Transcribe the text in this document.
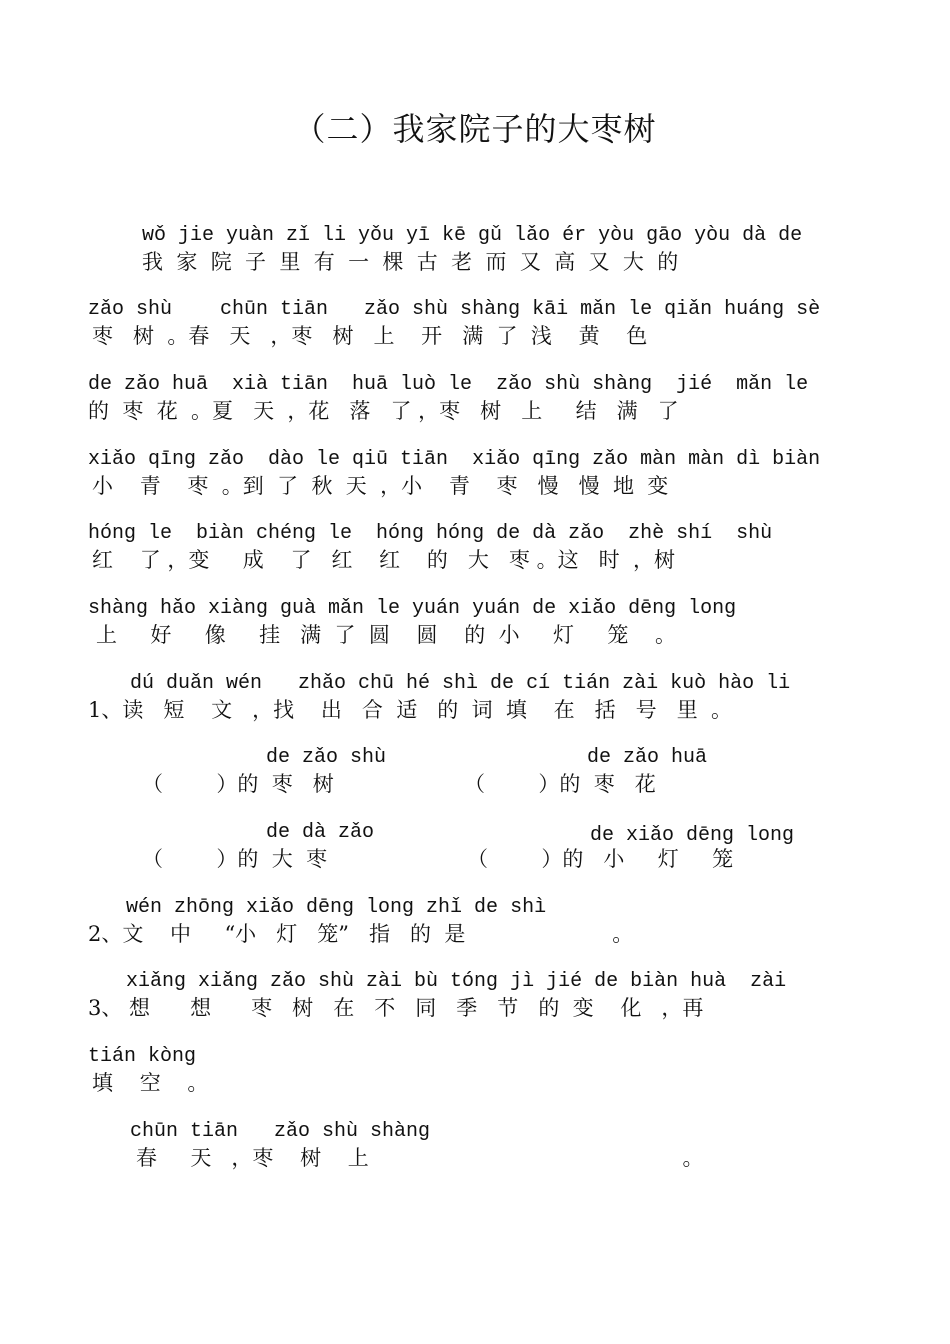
（二）我家院子的大枣树
wǒ jie yuàn zǐ li yǒu yī kē gǔ lǎo ér yòu gāo yòu dà de
我  家  院  子  里  有  一  棵  古  老  而  又  高  又  大  的
zǎo shù    chūn tiān   zǎo shù shàng kāi mǎn le qiǎn huáng sè
枣   树  。春   天   ，枣   树   上    开   满  了  浅    黄    色
de zǎo huā  xià tiān  huā luò le  zǎo shù shàng  jié  mǎn le
的  枣  花  。夏   天  ，花   落   了 ，枣   树   上     结   满   了
xiǎo qīng zǎo  dào le qiū tiān  xiǎo qīng zǎo màn màn dì biàn
小    青    枣  。到  了  秋  天  ，小    青    枣   慢   慢  地  变
hóng le  biàn chéng le  hóng hóng de dà zǎo  zhè shí  shù
红    了 ，变     成    了   红    红    的   大   枣 。这   时  ，树
shàng hǎo xiàng guà mǎn le yuán yuán de xiǎo dēng long
上     好     像     挂   满  了  圆    圆    的  小     灯     笼    。
dú duǎn wén   zhǎo chū hé shì de cí tián zài kuò hào li
1、读   短    文   ，找    出   合  适   的  词  填    在   括   号   里  。
de zǎo shù
（        ）的  枣   树
de zǎo huā
（        ）的  枣   花
de dà zǎo
（        ）的  大  枣
de xiǎo dēng long
（        ）的   小     灯     笼
wén zhōng xiǎo dēng long zhǐ de shì
2、文    中     “小   灯   笼”   指   的  是                      。
xiǎng xiǎng zǎo shù zài bù tóng jì jié de biàn huà  zài
3、 想      想      枣   树   在   不   同   季   节   的  变    化   ，再
tián kòng
填    空    。
chūn tiān   zǎo shù shàng
春     天   ，枣    树    上                                               。
